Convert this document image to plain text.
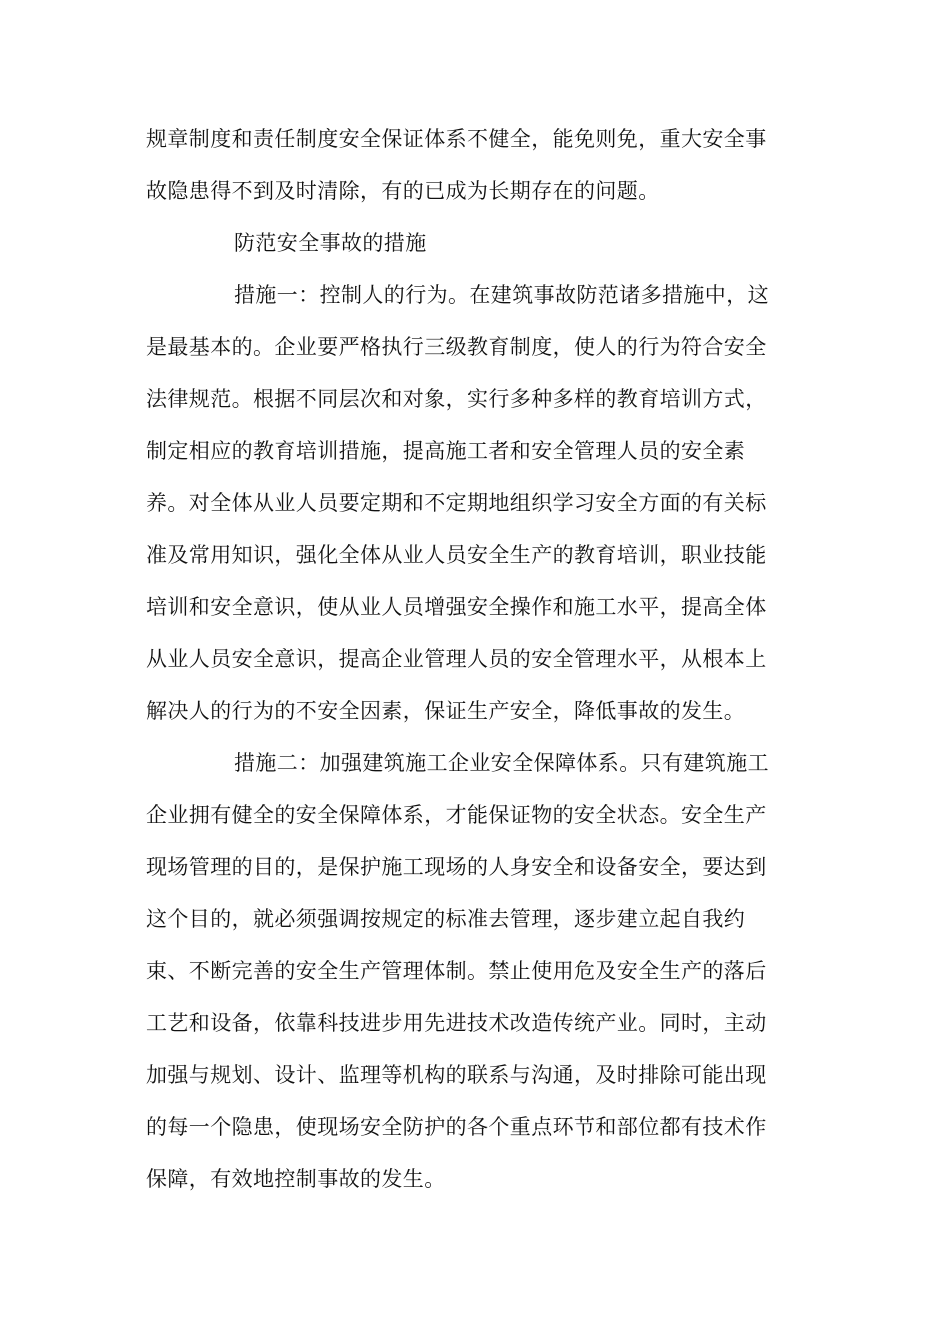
规章制度和责任制度安全保证体系不健全，能免则免，重大安全事
故隐患得不到及时清除，有的已成为长期存在的问题。
防范安全事故的措施
措施一：控制人的行为。在建筑事故防范诸多措施中，这
是最基本的。企业要严格执行三级教育制度，使人的行为符合安全
法律规范。根据不同层次和对象，实行多种多样的教育培训方式，
制定相应的教育培训措施，提高施工者和安全管理人员的安全素
养。对全体从业人员要定期和不定期地组织学习安全方面的有关标
准及常用知识，强化全体从业人员安全生产的教育培训，职业技能
培训和安全意识，使从业人员增强安全操作和施工水平，提高全体
从业人员安全意识，提高企业管理人员的安全管理水平，从根本上
解决人的行为的不安全因素，保证生产安全，降低事故的发生。
措施二：加强建筑施工企业安全保障体系。只有建筑施工
企业拥有健全的安全保障体系，才能保证物的安全状态。安全生产
现场管理的目的，是保护施工现场的人身安全和设备安全，要达到
这个目的，就必须强调按规定的标准去管理，逐步建立起自我约
束、不断完善的安全生产管理体制。禁止使用危及安全生产的落后
工艺和设备，依靠科技进步用先进技术改造传统产业。同时，主动
加强与规划、设计、监理等机构的联系与沟通，及时排除可能出现
的每一个隐患，使现场安全防护的各个重点环节和部位都有技术作
保障，有效地控制事故的发生。
